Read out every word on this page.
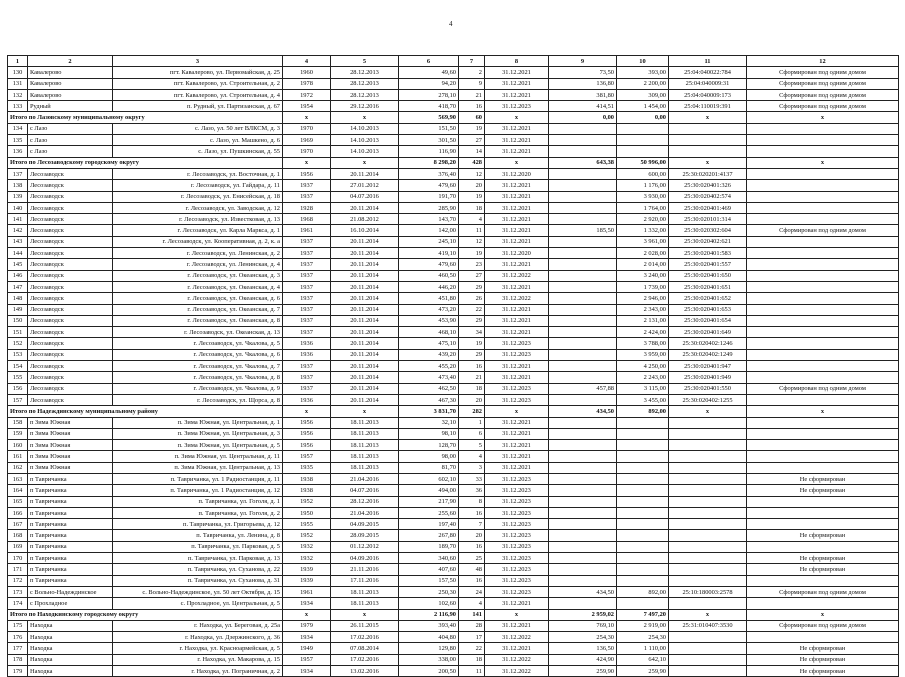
4
1	2	3	4	5	6	7	8	9	10	11	12
130	Кавалерово	пгт. Кавалерово, ул. Первомайская, д. 25	1960	28.12.2013	49,60	2	31.12.2021	73,50	393,00	25:04:040022:784	Сформирован под одним домом
131	Кавалерово	пгт. Кавалерово, ул. Строительная, д. 2	1978	28.12.2013	94,20	9	31.12.2021	136,80	2 200,00	25:04:040009:31	Сформирован под одним домом
132	Кавалерово	пгт. Кавалерово, ул. Строительная, д. 4	1972	28.12.2013	278,10	21	31.12.2021	381,80	309,00	25:04:040009:173	Сформирован под одним домом
133	Рудный	п. Рудный, ул. Партизанская, д. 67	1954	29.12.2016	418,70	16	31.12.2023	414,51	1 454,00	25:04:110019:391	Сформирован под одним домом
Итого по Лазовскому муниципальному округу			x	x	569,90	60	x	0,00	0,00	x	x
134	с Лазо	с. Лазо, ул. 50 лет ВЛКСМ, д. 3	1970	14.10.2013	151,50	19	31.12.2021				
135	с Лазо	с. Лазо, ул. Машкено, д. 6	1969	14.10.2013	301,50	27	31.12.2021				
136	с Лазо	с. Лазо, ул. Пушкинская, д. 55	1970	14.10.2013	116,90	14	31.12.2021				
Итого по Лесозаводскому городскому округу			x	x	8 298,20	428	x	643,38	50 996,00	x	x
137	Лесозаводск	г. Лесозаводск, ул. Восточная, д. 1	1956	20.11.2014	376,40	12	31.12.2020		600,00	25:30:020201:4137	
138	Лесозаводск	г. Лесозаводск, ул. Гайдара, д. 11	1937	27.01.2012	479,60	20	31.12.2021		1 176,00	25:30:020401:326	
139	Лесозаводск	г. Лесозаводск, ул. Енисейская, д. 18	1937	04.07.2016	191,70	19	31.12.2021		3 930,00	25:30:020402:574	
140	Лесозаводск	г. Лесозаводск, ул. Заводская, д. 12	1928	20.11.2014	285,90	18	31.12.2021		1 764,00	25:30:020401:469	
141	Лесозаводск	г. Лесозаводск, ул. Известковая, д. 13	1968	21.08.2012	143,70	4	31.12.2021		2 920,00	25:30:020101:314	
142	Лесозаводск	г. Лесозаводск, ул. Карла Маркса, д. 1	1961	16.10.2014	142,00	11	31.12.2021	185,50	1 332,00	25:30:020302:604	Сформирован под одним домом
143	Лесозаводск	г. Лесозаводск, ул. Кооперативная, д. 2, к. а	1937	20.11.2014	245,10	12	31.12.2021		3 961,00	25:30:020402:621	
144	Лесозаводск	г. Лесозаводск, ул. Ленинская, д. 2	1937	20.11.2014	419,10	19	31.12.2020		2 028,00	25:30:020401:583	
145	Лесозаводск	г. Лесозаводск, ул. Ленинская, д. 4	1937	20.11.2014	479,60	23	31.12.2021		2 014,00	25:30:020401:557	
146	Лесозаводск	г. Лесозаводск, ул. Океанская, д. 3	1937	20.11.2014	460,50	27	31.12.2022		3 240,00	25:30:020401:650	
147	Лесозаводск	г. Лесозаводск, ул. Океанская, д. 4	1937	20.11.2014	446,20	29	31.12.2021		1 739,00	25:30:020401:651	
148	Лесозаводск	г. Лесозаводск, ул. Океанская, д. 6	1937	20.11.2014	451,80	26	31.12.2022		2 946,00	25:30:020401:652	
149	Лесозаводск	г. Лесозаводск, ул. Океанская, д. 7	1937	20.11.2014	473,20	22	31.12.2021		2 343,00	25:30:020401:653	
150	Лесозаводск	г. Лесозаводск, ул. Океанская, д. 8	1937	20.11.2014	453,90	29	31.12.2021		2 131,00	25:30:020401:654	
151	Лесозаводск	г. Лесозаводск, ул. Океанская, д. 13	1937	20.11.2014	468,10	34	31.12.2021		2 424,00	25:30:020401:649	
152	Лесозаводск	г. Лесозаводск, ул. Чкалова, д. 5	1936	20.11.2014	475,10	19	31.12.2023		3 788,00	25:30:020402:1246	
153	Лесозаводск	г. Лесозаводск, ул. Чкалова, д. 6	1936	20.11.2014	439,20	29	31.12.2023		3 959,00	25:30:020402:1249	
154	Лесозаводск	г. Лесозаводск, ул. Чкалова, д. 7	1937	20.11.2014	455,20	16	31.12.2021		4 250,00	25:30:020401:947	
155	Лесозаводск	г. Лесозаводск, ул. Чкалова, д. 8	1937	20.11.2014	473,40	21	31.12.2021		2 243,00	25:30:020401:949	
156	Лесозаводск	г. Лесозаводск, ул. Чкалова, д. 9	1937	20.11.2014	462,50	18	31.12.2023	457,88	3 115,00	25:30:020401:550	Сформирован под одним домом
157	Лесозаводск	г. Лесозаводск, ул. Щорса, д. 8	1936	20.11.2014	467,30	20	31.12.2023		3 455,00	25:30:020402:1255	
Итого по Надеждинскому муниципальному району			x	x	3 831,70	282	x	434,50	892,00	x	x
158	п Зима Южная	п. Зима Южная, ул. Центральная, д. 1	1956	18.11.2013	32,10	1	31.12.2021				
159	п Зима Южная	п. Зима Южная, ул. Центральная, д. 3	1956	18.11.2013	98,10	6	31.12.2021				
160	п Зима Южная	п. Зима Южная, ул. Центральная, д. 5	1956	18.11.2013	128,70	5	31.12.2021				
161	п Зима Южная	п. Зима Южная, ул. Центральная, д. 11	1957	18.11.2013	98,00	4	31.12.2021				
162	п Зима Южная	п. Зима Южная, ул. Центральная, д. 13	1935	18.11.2013	81,70	3	31.12.2021				
163	п Тавричанка	п. Тавричанка, ул. 1 Радиостанция, д. 11	1938	21.04.2016	602,10	33	31.12.2023				Не сформирован
164	п Тавричанка	п. Тавричанка, ул. 1 Радиостанция, д. 12	1938	04.07.2016	494,00	36	31.12.2023				Не сформирован
165	п Тавричанка	п. Тавричанка, ул. Гоголя, д. 1	1952	28.12.2016	217,90	8	31.12.2023				
166	п Тавричанка	п. Тавричанка, ул. Гоголя, д. 2	1950	21.04.2016	255,60	16	31.12.2023				
167	п Тавричанка	п. Тавричанка, ул. Григорьева, д. 12	1955	04.09.2015	197,40	7	31.12.2023				
168	п Тавричанка	п. Тавричанка, ул. Ленина, д. 8	1952	28.09.2015	267,80	20	31.12.2023				Не сформирован
169	п Тавричанка	п. Тавричанка, ул. Парковая, д. 5	1932	01.12.2012	189,70	16	31.12.2023				
170	п Тавричанка	п. Тавричанка, ул. Парковая, д. 13	1932	04.09.2016	340,60	25	31.12.2023				Не сформирован
171	п Тавричанка	п. Тавричанка, ул. Суханова, д. 22	1939	21.11.2016	407,60	48	31.12.2023				Не сформирован
172	п Тавричанка	п. Тавричанка, ул. Суханова, д. 31	1939	17.11.2016	157,50	16	31.12.2023				
173	с Вольно-Надеждинское	с. Вольно-Надеждинское, ул. 50 лет Октября, д. 15	1961	18.11.2013	250,30	24	31.12.2023	434,50	892,00	25:10:180003:2578	Сформирован под одним домом
174	с Прохладное	с. Прохладное, ул. Центральная, д. 5	1934	18.11.2013	102,60	4	31.12.2021				
Итого по Находкинскому городскому округу			x	x	2 116,90	141	x	2 959,02	7 497,20	x	x
175	Находка	г. Находка, ул. Береговая, д. 25а	1979	26.11.2015	393,40	28	31.12.2021	769,10	2 919,00	25:31:010407:3530	Сформирован под одним домом
176	Находка	г. Находка, ул. Дзержинского, д. 36	1934	17.02.2016	404,80	17	31.12.2022	254,30	254,30		
177	Находка	г. Находка, ул. Красноармейская, д. 5	1949	07.08.2014	129,80	22	31.12.2021	136,50	1 110,00		Не сформирован
178	Находка	г. Находка, ул. Макарова, д. 15	1957	17.02.2016	338,00	18	31.12.2022	424,90	642,10		Не сформирован
179	Находка	г. Находка, ул. Пограничная, д. 2	1934	13.02.2016	200,50	11	31.12.2022	259,90	259,90		Не сформирован
